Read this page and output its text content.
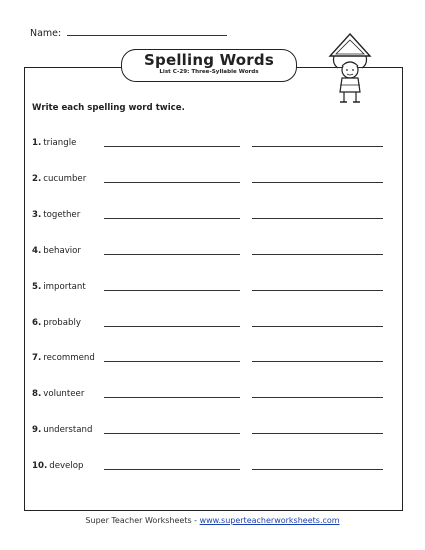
Name:
Spelling Words
List C-29: Three-Syllable Words
Write each spelling word twice.
1. triangle
2. cucumber
3. together
4. behavior
5. important
6. probably
7. recommend
8. volunteer
9. understand
10. develop
Super Teacher Worksheets - www.superteacherworksheets.com
